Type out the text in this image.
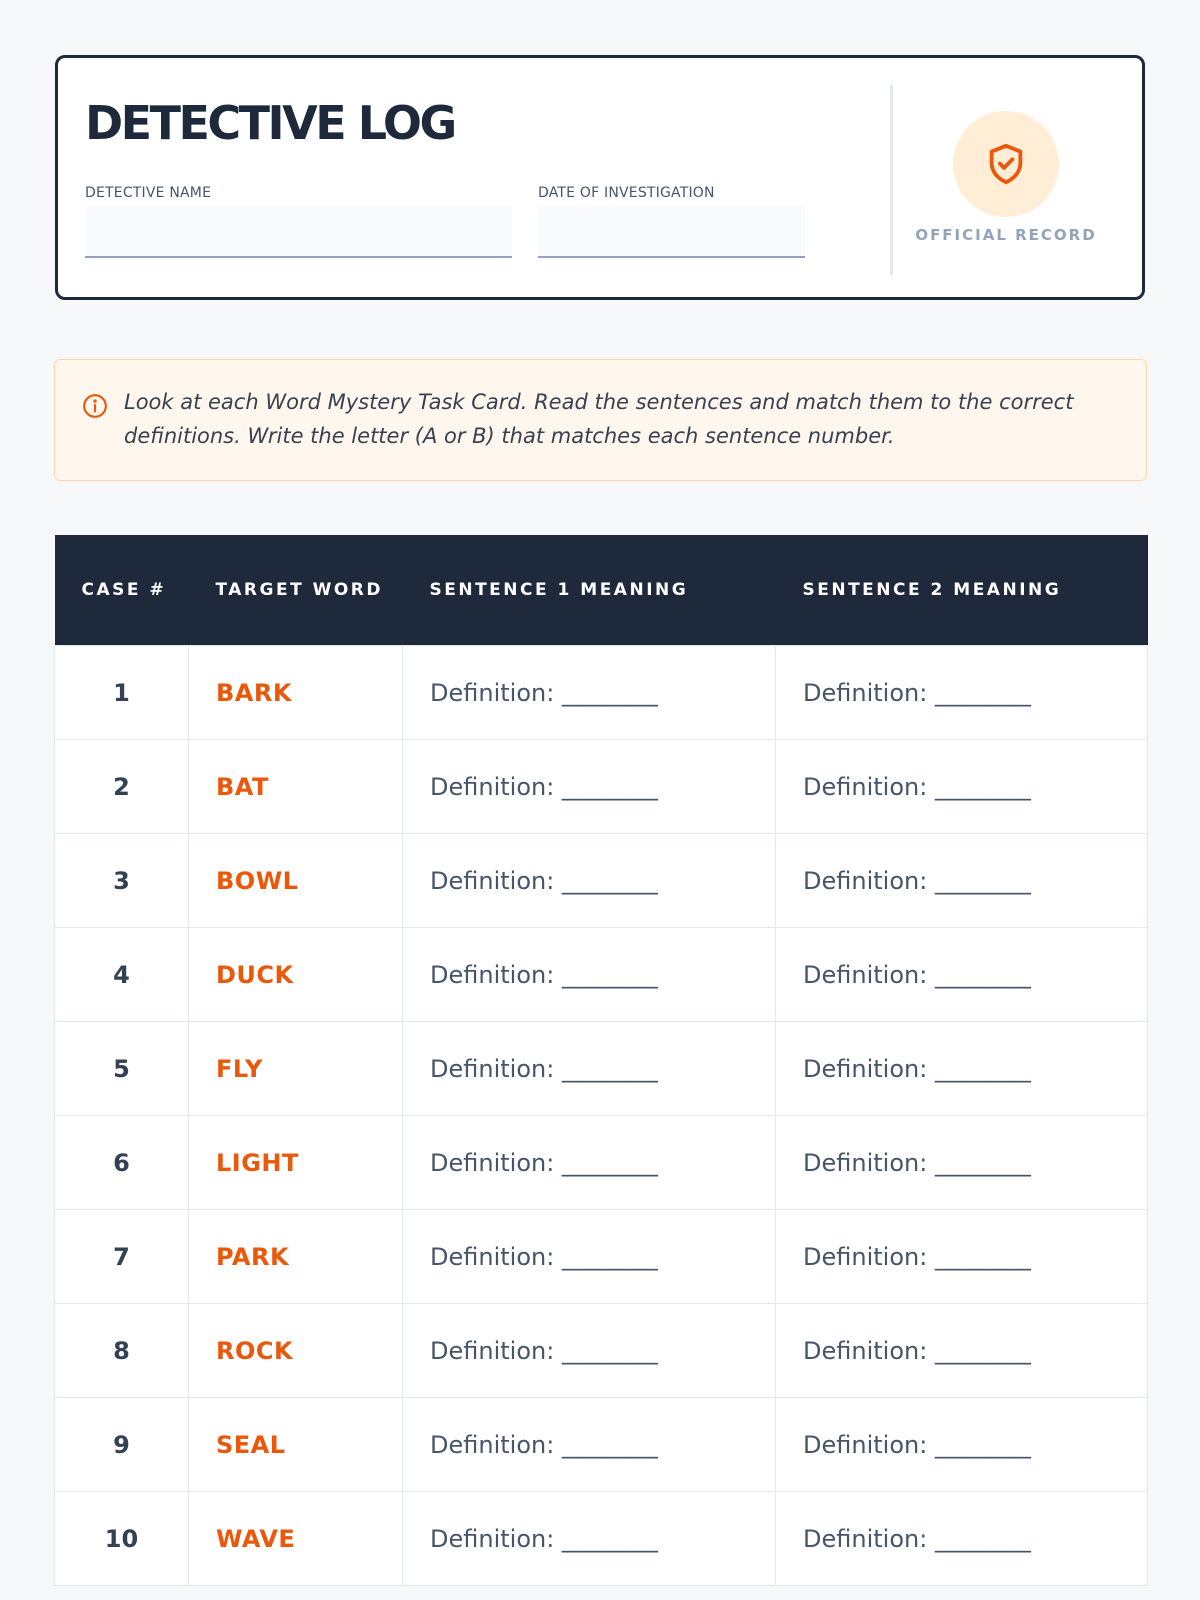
DETECTIVE LOG
DETECTIVE NAME	DATE OF INVESTIGATION
OFFICIAL RECORD

Look at each Word Mystery Task Card. Read the sentences and match them to the correct definitions. Write the letter (A or B) that matches each sentence number.

CASE #	TARGET WORD	SENTENCE 1 MEANING	SENTENCE 2 MEANING
1	BARK	Definition: ________	Definition: ________
2	BAT	Definition: ________	Definition: ________
3	BOWL	Definition: ________	Definition: ________
4	DUCK	Definition: ________	Definition: ________
5	FLY	Definition: ________	Definition: ________
6	LIGHT	Definition: ________	Definition: ________
7	PARK	Definition: ________	Definition: ________
8	ROCK	Definition: ________	Definition: ________
9	SEAL	Definition: ________	Definition: ________
10	WAVE	Definition: ________	Definition: ________
